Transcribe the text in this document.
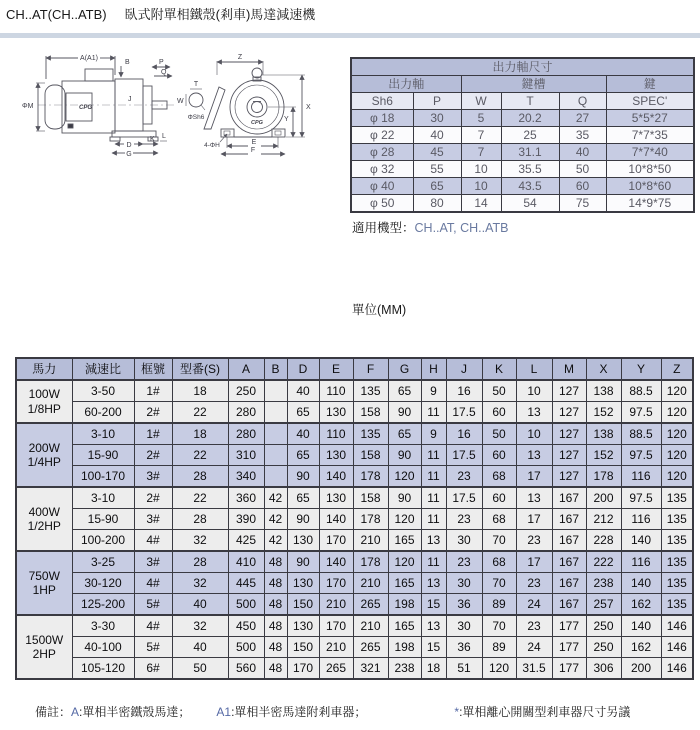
CH..AT(CH..ATB) 臥式附單相鐵殼(剎車)馬達減速機
A(A1)
B	P
Q
ΦM
J
D
G
K L
W
T
ΦSh6
Z
X
Y
E
F
4-ΦH
CPG
CPG
出力軸尺寸					
出力軸		鍵槽			鍵
Sh6	P	W	T	Q	SPEC'
φ 18	30	5	20.2	27	5*5*27
φ 22	40	7	25	35	7*7*35
φ 28	45	7	31.1	40	7*7*40
φ 32	55	10	35.5	50	10*8*50
φ 40	65	10	43.5	60	10*8*60
φ 50	80	14	54	75	14*9*75
適用機型：CH..AT, CH..ATB
單位(MM)
馬力	減速比	框號	型番(S)	A	B	D	E	F	G	H	J	K	L	M	X	Y	Z

100W
1/8HP	3-50	1#	18	250		40	110	135	65	9	16	50	10	127	138	88.5	120
	60-200	2#	22	280		65	130	158	90	11	17.5	60	13	127	152	97.5	120

200W
1/4HP	3-10	1#	18	280		40	110	135	65	9	16	50	10	127	138	88.5	120
	15-90	2#	22	310		65	130	158	90	11	17.5	60	13	127	152	97.5	120
	100-170	3#	28	340		90	140	178	120	11	23	68	17	127	178	116	120

400W
1/2HP	3-10	2#	22	360	42	65	130	158	90	11	17.5	60	13	167	200	97.5	135
	15-90	3#	28	390	42	90	140	178	120	11	23	68	17	167	212	116	135
	100-200	4#	32	425	42	130	170	210	165	13	30	70	23	167	228	140	135

750W
1HP	3-25	3#	28	410	48	90	140	178	120	11	23	68	17	167	222	116	135
	30-120	4#	32	445	48	130	170	210	165	13	30	70	23	167	238	140	135
	125-200	5#	40	500	48	150	210	265	198	15	36	89	24	167	257	162	135

1500W
2HP	3-30	4#	32	450	48	130	170	210	165	13	30	70	23	177	250	140	146
	40-100	5#	40	500	48	150	210	265	198	15	36	89	24	177	250	162	146
	105-120	6#	50	560	48	170	265	321	238	18	51	120	31.5	177	306	200	146
備註： A:單相半密鐵殼馬達； A1:單相半密馬達附剎車器；	*:單相離心開關型剎車器尺寸另議
